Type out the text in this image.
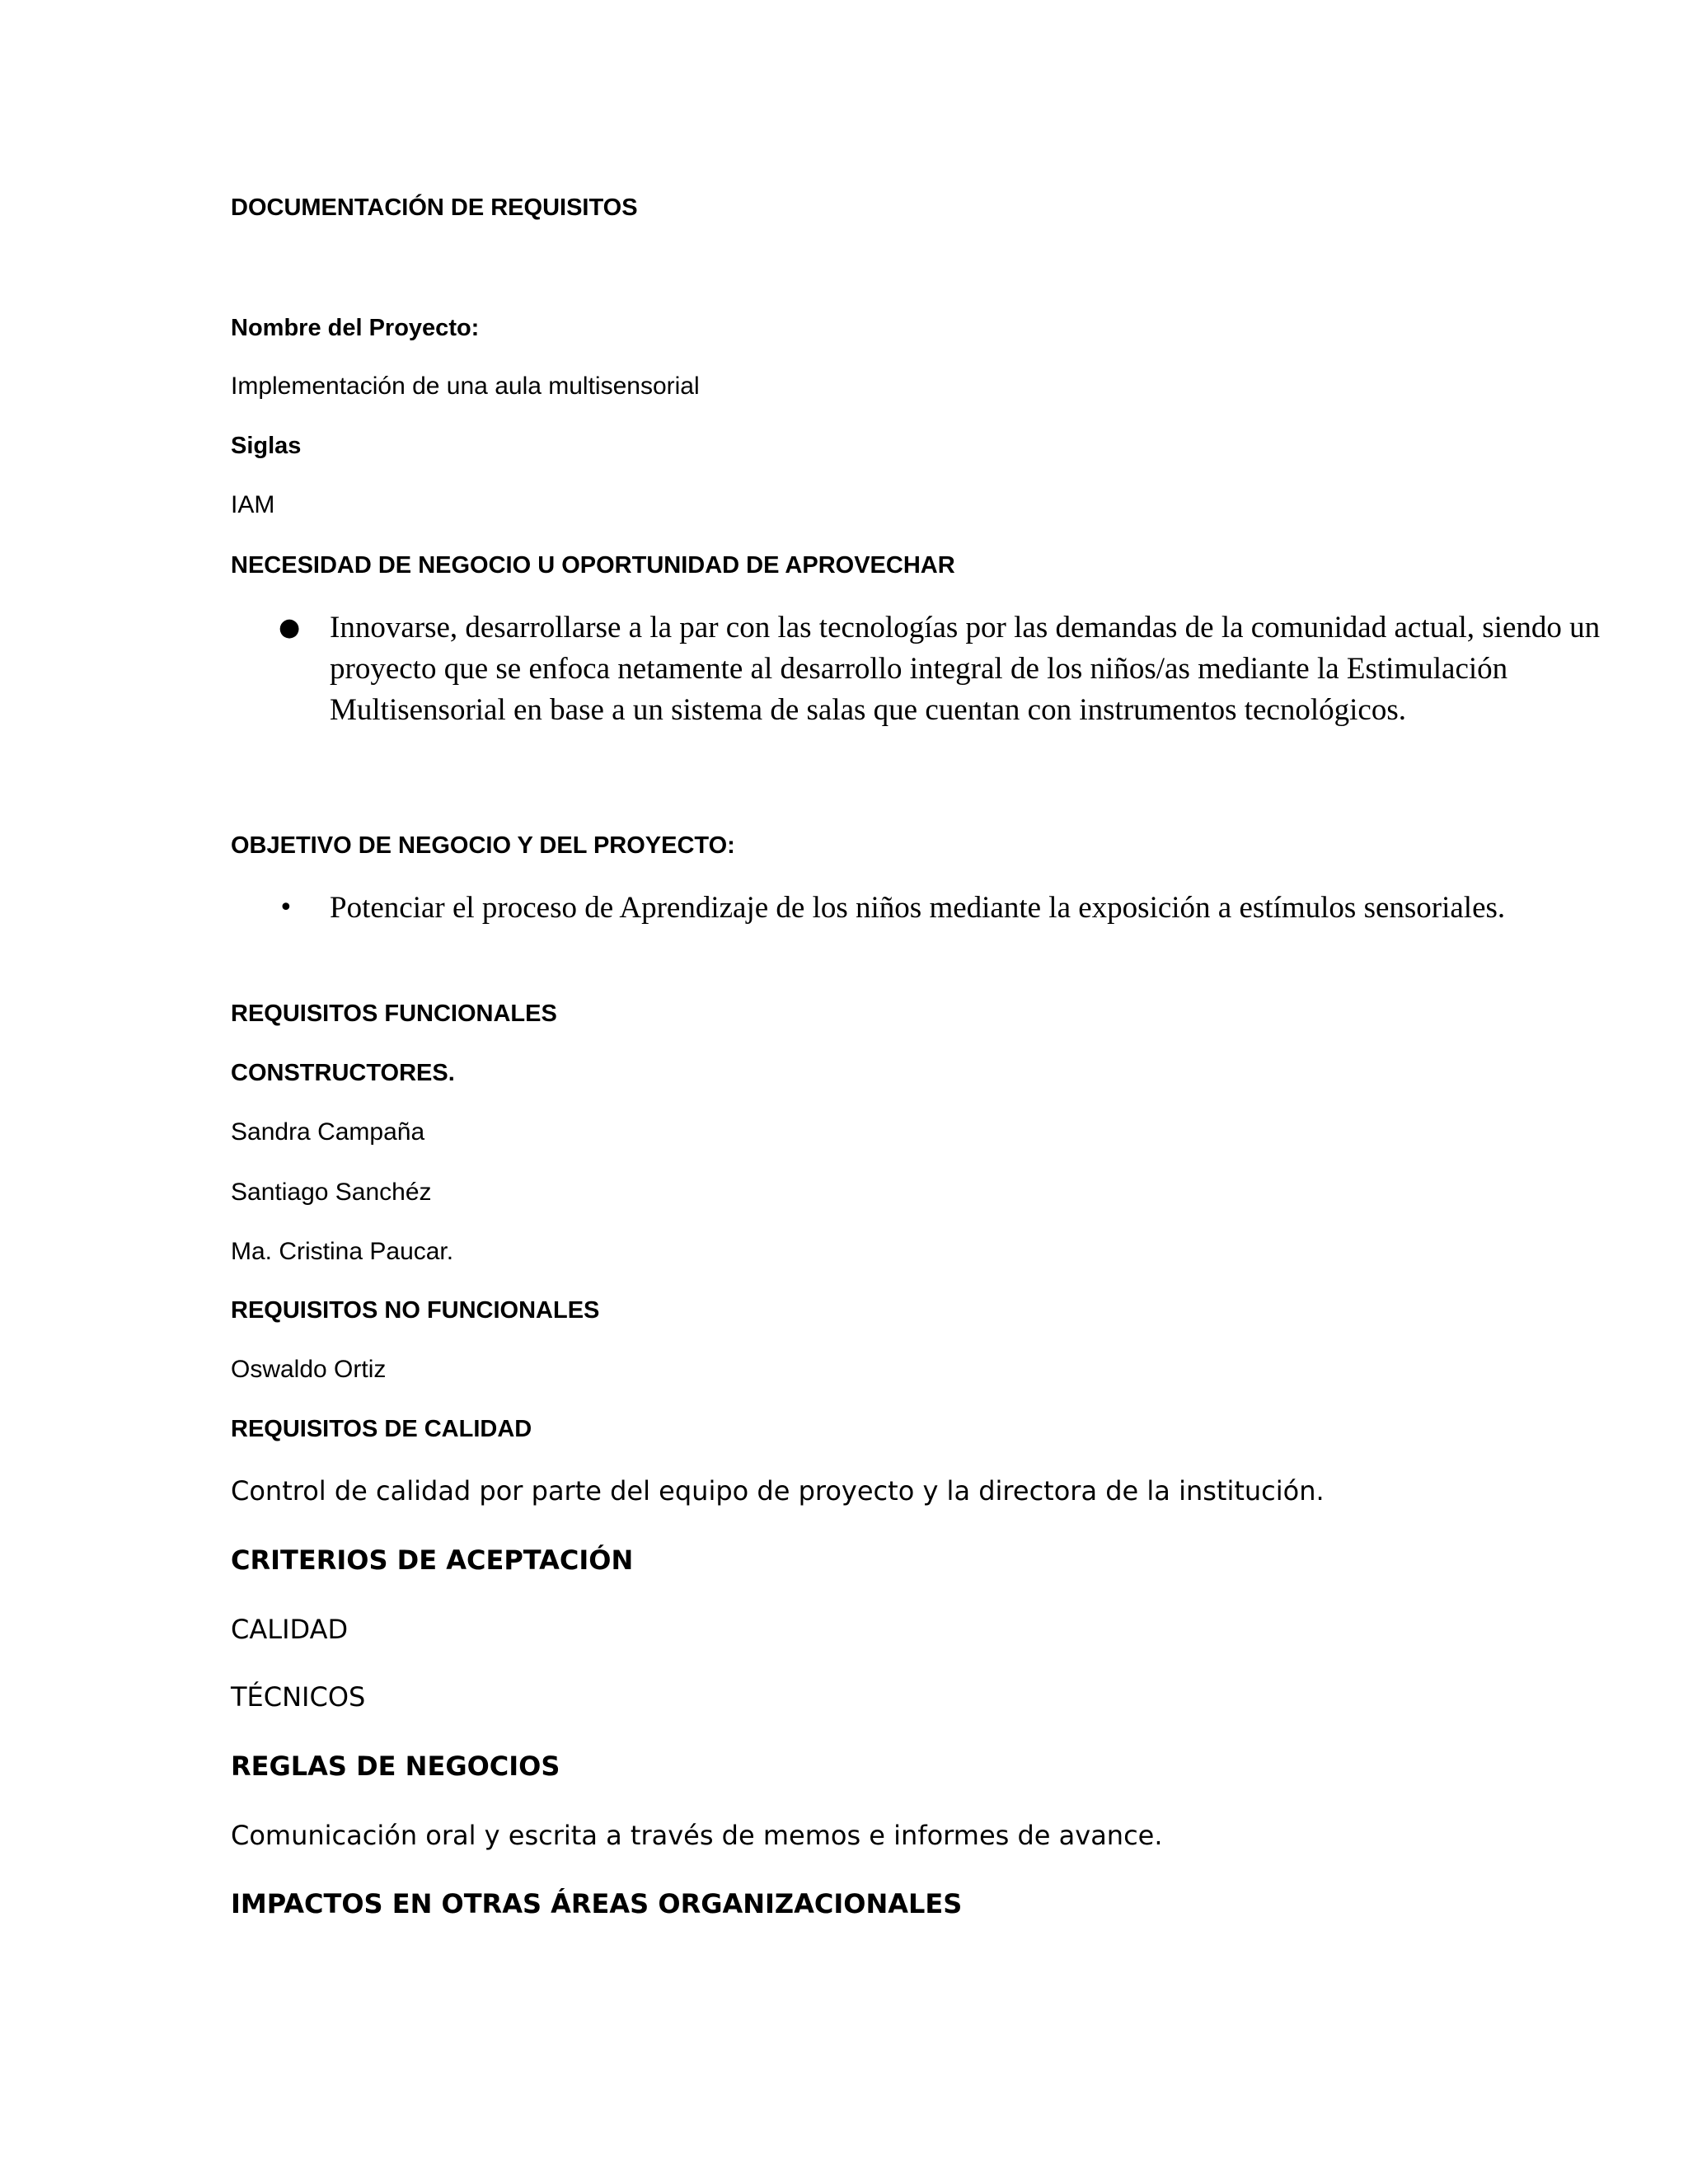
DOCUMENTACIÓN DE REQUISITOS

Nombre del Proyecto:

Implementación de una aula multisensorial

Siglas

IAM

NECESIDAD DE NEGOCIO U OPORTUNIDAD DE APROVECHAR

● Innovarse, desarrollarse a la par con las tecnologías por las demandas de la comunidad actual, siendo un proyecto que se enfoca netamente al desarrollo integral de los niños/as mediante la Estimulación Multisensorial en base a un sistema de salas que cuentan con instrumentos tecnológicos.

OBJETIVO DE NEGOCIO Y DEL PROYECTO:

• Potenciar el proceso de Aprendizaje de los niños mediante la exposición a estímulos sensoriales.

REQUISITOS FUNCIONALES

CONSTRUCTORES.

Sandra Campaña

Santiago Sanchéz

Ma. Cristina Paucar.

REQUISITOS NO FUNCIONALES

Oswaldo Ortiz

REQUISITOS DE CALIDAD

Control de calidad por parte del equipo de proyecto y la directora de la institución.

CRITERIOS DE ACEPTACIÓN

CALIDAD

TÉCNICOS

REGLAS DE NEGOCIOS

Comunicación oral y escrita a través de memos e informes de avance.

IMPACTOS EN OTRAS ÁREAS ORGANIZACIONALES
